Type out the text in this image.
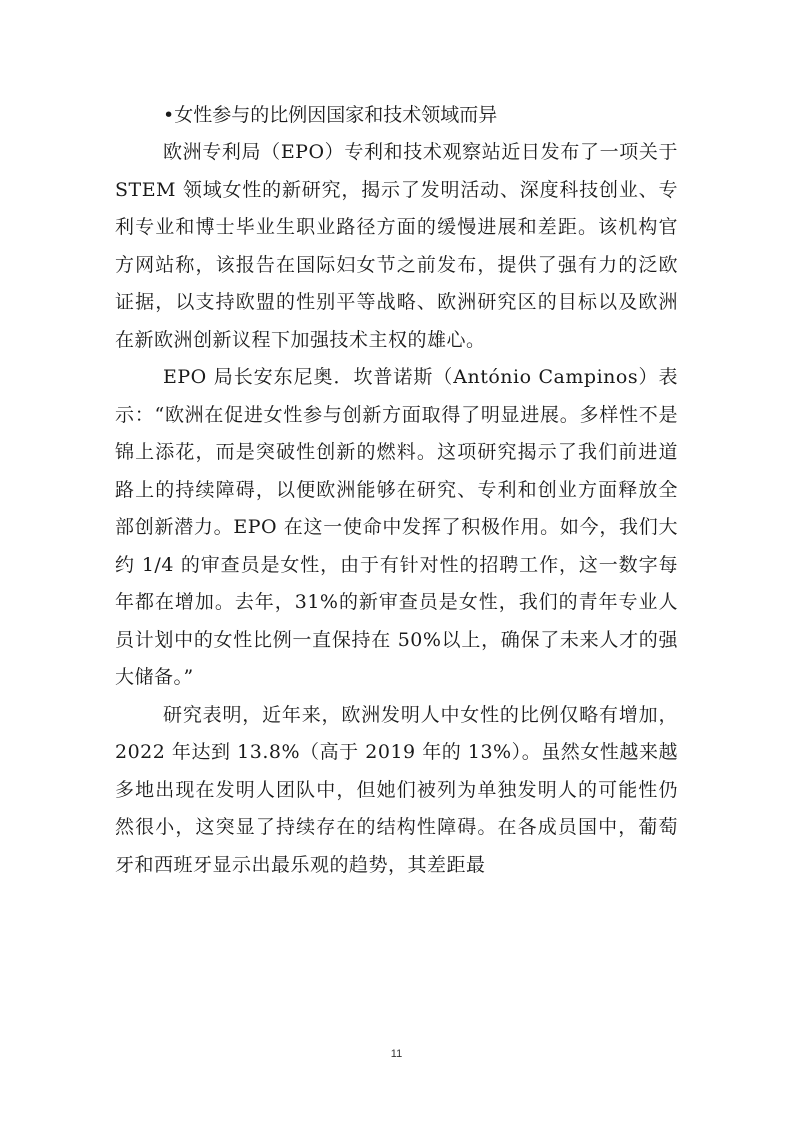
•女性参与的比例因国家和技术领域而异

欧洲专利局（EPO）专利和技术观察站近日发布了一项关于 STEM 领域女性的新研究，揭示了发明活动、深度科技创业、专利专业和博士毕业生职业路径方面的缓慢进展和差距。该机构官方网站称，该报告在国际妇女节之前发布，提供了强有力的泛欧证据，以支持欧盟的性别平等战略、欧洲研究区的目标以及欧洲在新欧洲创新议程下加强技术主权的雄心。

EPO 局长安东尼奥．坎普诺斯（António Campinos）表示：“欧洲在促进女性参与创新方面取得了明显进展。多样性不是锦上添花，而是突破性创新的燃料。这项研究揭示了我们前进道路上的持续障碍，以便欧洲能够在研究、专利和创业方面释放全部创新潜力。EPO 在这一使命中发挥了积极作用。如今，我们大约 1/4 的审查员是女性，由于有针对性的招聘工作，这一数字每年都在增加。去年，31%的新审查员是女性，我们的青年专业人员计划中的女性比例一直保持在 50%以上，确保了未来人才的强大储备。”

研究表明，近年来，欧洲发明人中女性的比例仅略有增加，2022 年达到 13.8%（高于 2019 年的 13%）。虽然女性越来越多地出现在发明人团队中，但她们被列为单独发明人的可能性仍然很小，这突显了持续存在的结构性障碍。在各成员国中，葡萄牙和西班牙显示出最乐观的趋势，其差距最

11
